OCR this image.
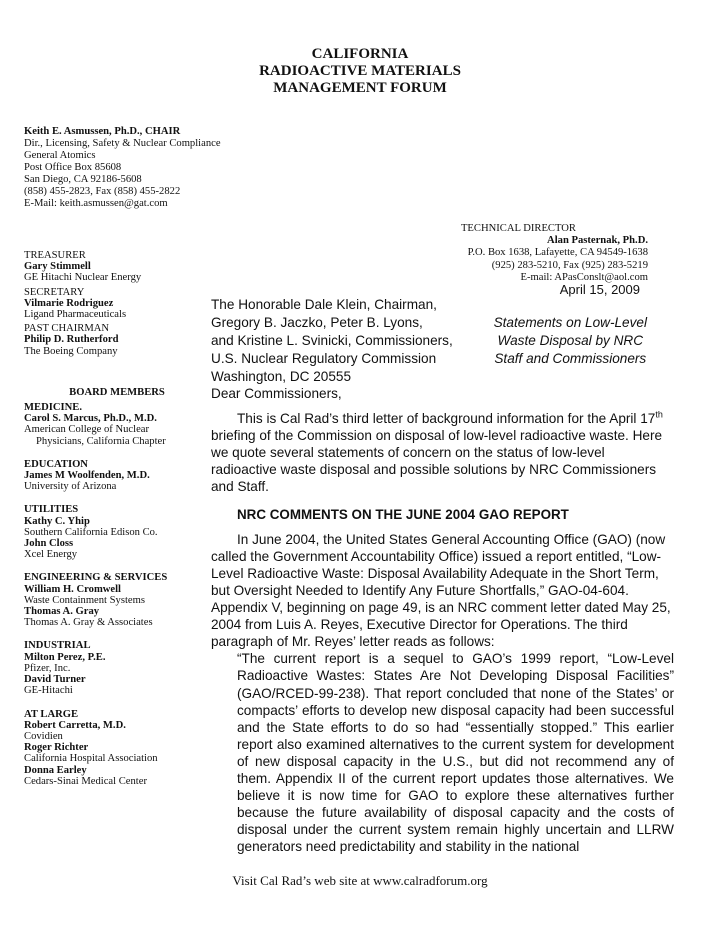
CALIFORNIA
RADIOACTIVE MATERIALS
MANAGEMENT FORUM
Keith E. Asmussen, Ph.D., CHAIR
Dir., Licensing, Safety & Nuclear Compliance
General Atomics
Post Office Box 85608
San Diego, CA 92186-5608
(858) 455-2823, Fax (858) 455-2822
E-Mail: keith.asmussen@gat.com
TECHNICAL DIRECTOR
Alan Pasternak, Ph.D.
P.O. Box 1638, Lafayette, CA 94549-1638
(925) 283-5210, Fax (925) 283-5219
E-mail: APasConslt@aol.com
TREASURER
Gary Stimmell
GE Hitachi Nuclear Energy
SECRETARY
Vilmarie Rodriguez
Ligand Pharmaceuticals
PAST CHAIRMAN
Philip D. Rutherford
The Boeing Company
BOARD MEMBERS
MEDICINE.
Carol S. Marcus, Ph.D., M.D.
American College of Nuclear
Physicians, California Chapter
EDUCATION
James M Woolfenden, M.D.
University of Arizona
UTILITIES
Kathy C. Yhip
Southern California Edison Co.
John Closs
Xcel Energy
ENGINEERING & SERVICES
William H. Cromwell
Waste Containment Systems
Thomas A. Gray
Thomas A. Gray & Associates
INDUSTRIAL
Milton Perez, P.E.
Pfizer, Inc.
David Turner
GE-Hitachi
AT LARGE
Robert Carretta, M.D.
Covidien
Roger Richter
California Hospital Association
Donna Earley
Cedars-Sinai Medical Center
April 15, 2009
The Honorable Dale Klein, Chairman,
Gregory B. Jaczko, Peter B. Lyons,
and Kristine L. Svinicki, Commissioners,
U.S. Nuclear Regulatory Commission
Washington, DC 20555
Statements on Low-Level
Waste Disposal by NRC
Staff and Commissioners

Dear Commissioners,

This is Cal Rad’s third letter of background information for the April 17th briefing of the Commission on disposal of low-level radioactive waste. Here we quote several statements of concern on the status of low-level radioactive waste disposal and possible solutions by NRC Commissioners and Staff.

NRC COMMENTS ON THE JUNE 2004 GAO REPORT

In June 2004, the United States General Accounting Office (GAO) (now called the Government Accountability Office) issued a report entitled, “Low-Level Radioactive Waste: Disposal Availability Adequate in the Short Term, but Oversight Needed to Identify Any Future Shortfalls,” GAO-04-604. Appendix V, beginning on page 49, is an NRC comment letter dated May 25, 2004 from Luis A. Reyes, Executive Director for Operations. The third paragraph of Mr. Reyes’ letter reads as follows:

“The current report is a sequel to GAO’s 1999 report, “Low-Level Radioactive Wastes: States Are Not Developing Disposal Facilities” (GAO/RCED-99-238). That report concluded that none of the States’ or compacts’ efforts to develop new disposal capacity had been successful and the State efforts to do so had “essentially stopped.” This earlier report also examined alternatives to the current system for development of new disposal capacity in the U.S., but did not recommend any of them. Appendix II of the current report updates those alternatives. We believe it is now time for GAO to explore these alternatives further because the future availability of disposal capacity and the costs of disposal under the current system remain highly uncertain and LLRW generators need predictability and stability in the national

Visit Cal Rad’s web site at www.calradforum.org
